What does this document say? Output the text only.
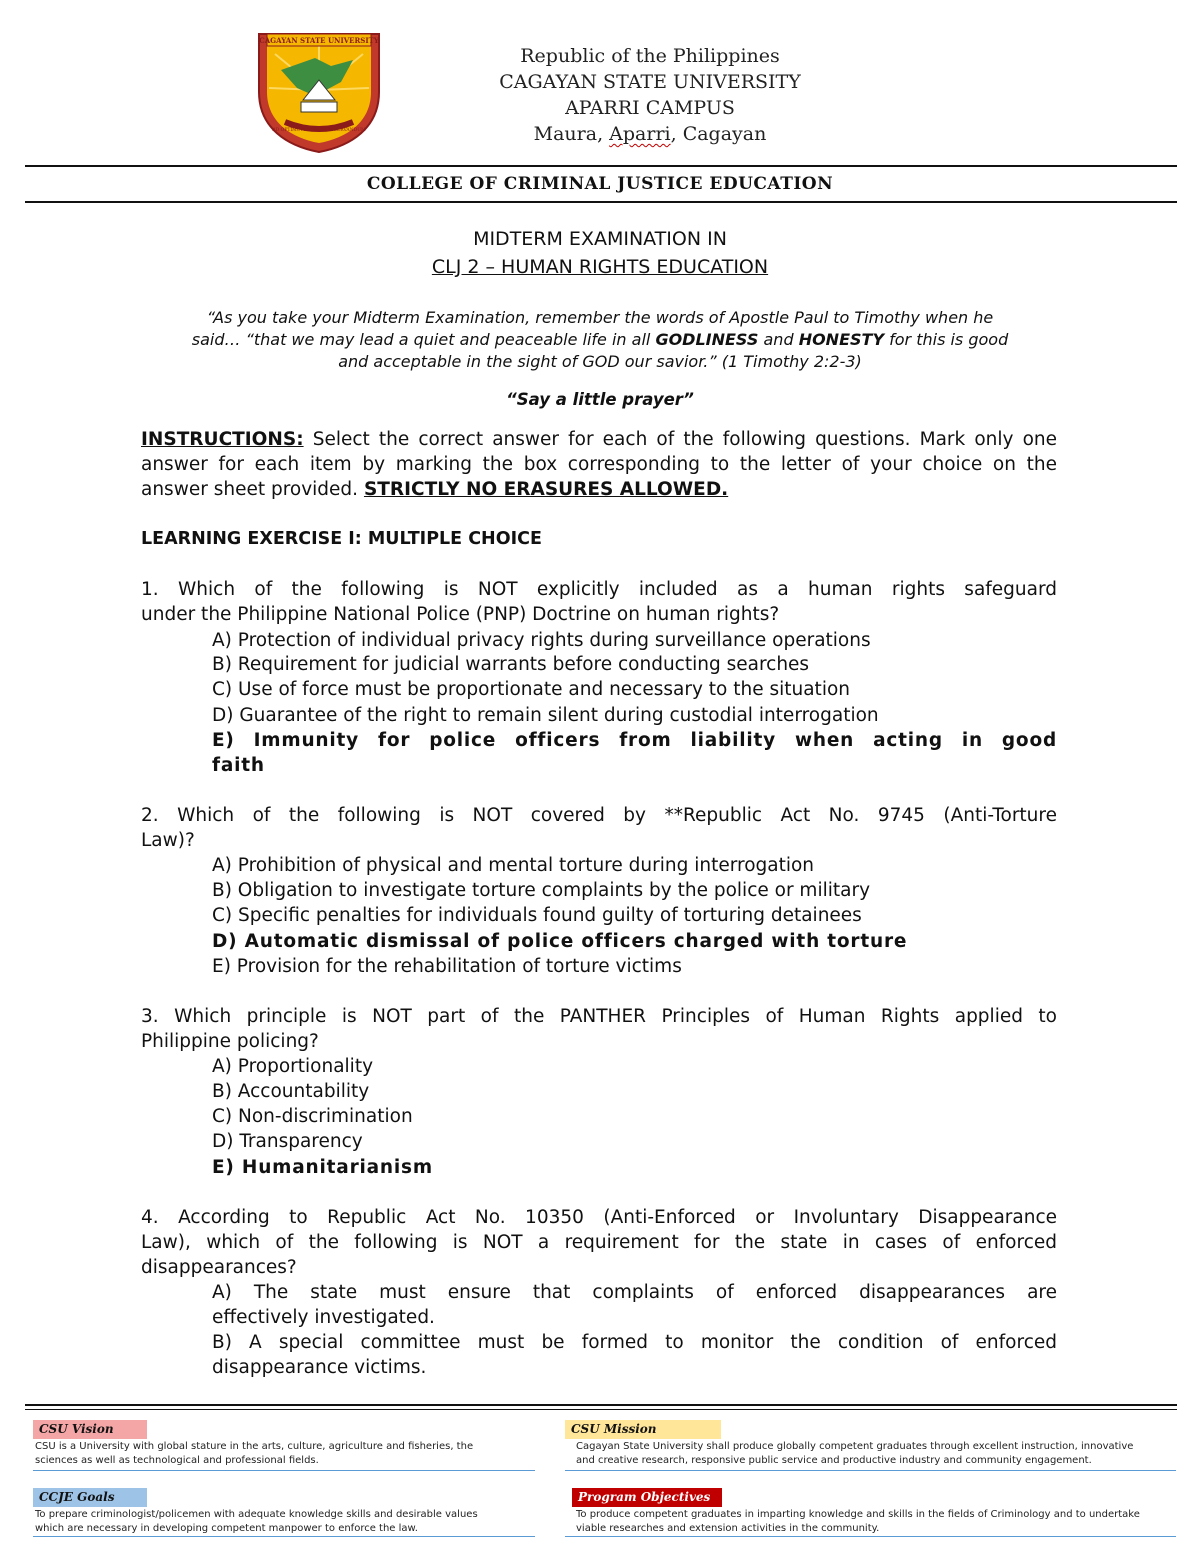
CAGAYAN STATE UNIVERSITY
AD OPTIMUM HOMINEM SERVANDUM
Republic of the Philippines
CAGAYAN STATE UNIVERSITY
APARRI CAMPUS
Maura, Aparri, Cagayan
COLLEGE OF CRIMINAL JUSTICE EDUCATION
MIDTERM EXAMINATION IN
CLJ 2 – HUMAN RIGHTS EDUCATION
“As you take your Midterm Examination, remember the words of Apostle Paul to Timothy when he
said… “that we may lead a quiet and peaceable life in all GODLINESS and HONESTY for this is good
and acceptable in the sight of GOD our savior.” (1 Timothy 2:2-3)
“Say a little prayer”
INSTRUCTIONS: Select the correct answer for each of the following questions. Mark only one
answer for each item by marking the box corresponding to the letter of your choice on the
answer sheet provided. STRICTLY NO ERASURES ALLOWED.
LEARNING EXERCISE I: MULTIPLE CHOICE
1. Which of the following is NOT explicitly included as a human rights safeguard
under the Philippine National Police (PNP) Doctrine on human rights?
A) Protection of individual privacy rights during surveillance operations
B) Requirement for judicial warrants before conducting searches
C) Use of force must be proportionate and necessary to the situation
D) Guarantee of the right to remain silent during custodial interrogation
E) Immunity for police officers from liability when acting in good
faith
2. Which of the following is NOT covered by **Republic Act No. 9745 (Anti-Torture
Law)?
A) Prohibition of physical and mental torture during interrogation
B) Obligation to investigate torture complaints by the police or military
C) Specific penalties for individuals found guilty of torturing detainees
D) Automatic dismissal of police officers charged with torture
E) Provision for the rehabilitation of torture victims
3. Which principle is NOT part of the PANTHER Principles of Human Rights applied to
Philippine policing?
A) Proportionality
B) Accountability
C) Non-discrimination
D) Transparency
E) Humanitarianism
4. According to Republic Act No. 10350 (Anti-Enforced or Involuntary Disappearance
Law), which of the following is NOT a requirement for the state in cases of enforced
disappearances?
A) The state must ensure that complaints of enforced disappearances are
effectively investigated.
B) A special committee must be formed to monitor the condition of enforced
disappearance victims.
CSU Vision
CSU is a University with global stature in the arts, culture, agriculture and fisheries, the
sciences as well as technological and professional fields.
CSU Mission
Cagayan State University shall produce globally competent graduates through excellent instruction, innovative
and creative research, responsive public service and productive industry and community engagement.
CCJE Goals
To prepare criminologist/policemen with adequate knowledge skills and desirable values
which are necessary in developing competent manpower to enforce the law.
Program Objectives
To produce competent graduates in imparting knowledge and skills in the fields of Criminology and to undertake
viable researches and extension activities in the community.
